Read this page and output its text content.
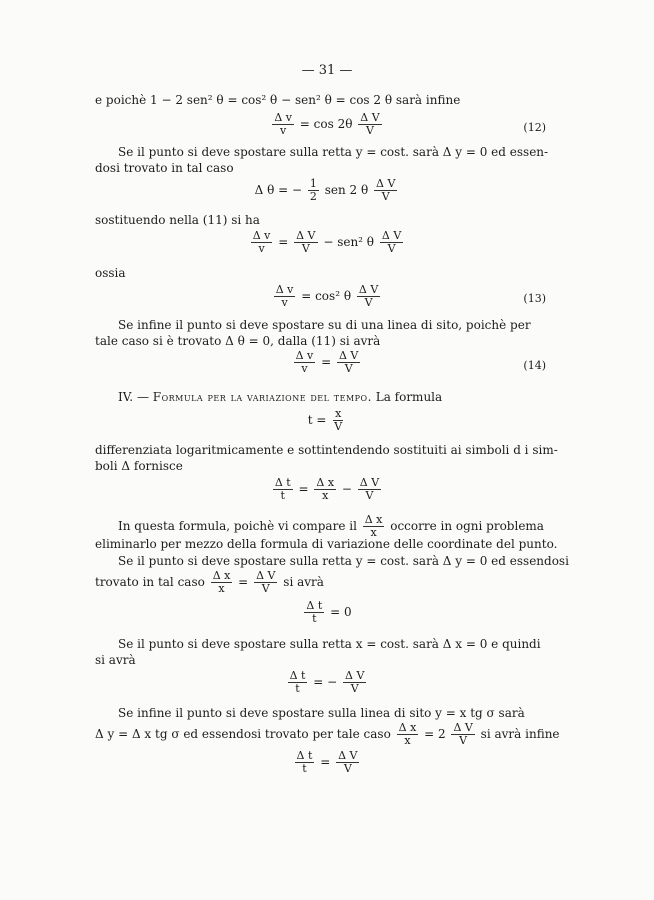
— 31 —
e poichè 1 − 2 sen² θ = cos² θ − sen² θ = cos 2 θ sarà infine
$\frac{\text{Δ v}}{v} = \cos 2\theta \frac{\text{Δ V}}{V}$	(12)
Se il punto si deve spostare sulla retta y = cost. sarà Δ y = 0 ed essen-
dosi trovato in tal caso
Δ θ = − $\frac{1}{2}$ sen 2 θ $\frac{\text{Δ V}}{V}$
sostituendo nella (11) si ha
$\frac{\text{Δ v}}{v} = \frac{\text{Δ V}}{V} - sen^2$ θ $\frac{\text{Δ V}}{V}$
ossia
$\frac{\text{Δ v}}{v} = \cos^2$ θ $\frac{\text{Δ V}}{V}$	(13)
Se infine il punto si deve spostare su di una linea di sito, poichè per
tale caso si è trovato Δ θ = 0, dalla (11) si avrà
$\frac{\text{Δ v}}{v} = \frac{\text{Δ V}}{V}$	(14)
IV. — Formula per la variazione del tempo. La formula
$t = \frac{x}{V}$
differenziata logaritmicamente e sottintendendo sostituiti ai simboli d i sim-
boli Δ fornisce
$\frac{\text{Δ t}}{t} = \frac{\text{Δ x}}{x} - \frac{\text{Δ V}}{V}$
In questa formula, poichè vi compare il $\frac{\text{Δ x}}{x}$ occorre in ogni problema
eliminarlo per mezzo della formula di variazione delle coordinate del punto.
Se il punto si deve spostare sulla retta y = cost. sarà Δ y = 0 ed essendosi
trovato in tal caso $\frac{\text{Δ x}}{x} = \frac{\text{Δ V}}{V}$ si avrà
$\frac{\text{Δ t}}{t} = 0$
Se il punto si deve spostare sulla retta x = cost. sarà Δ x = 0 e quindi
si avrà
$\frac{\text{Δ t}}{t}$ = − $\frac{\text{Δ V}}{V}$
Se infine il punto si deve spostare sulla linea di sito y = x tg σ sarà
Δ y = Δ x tg σ ed essendosi trovato per tale caso $\frac{\text{Δ x}}{x} = 2 \frac{\text{Δ V}}{V}$ si avrà infine
$\frac{\text{Δ t}}{t} = \frac{\text{Δ V}}{V}$
